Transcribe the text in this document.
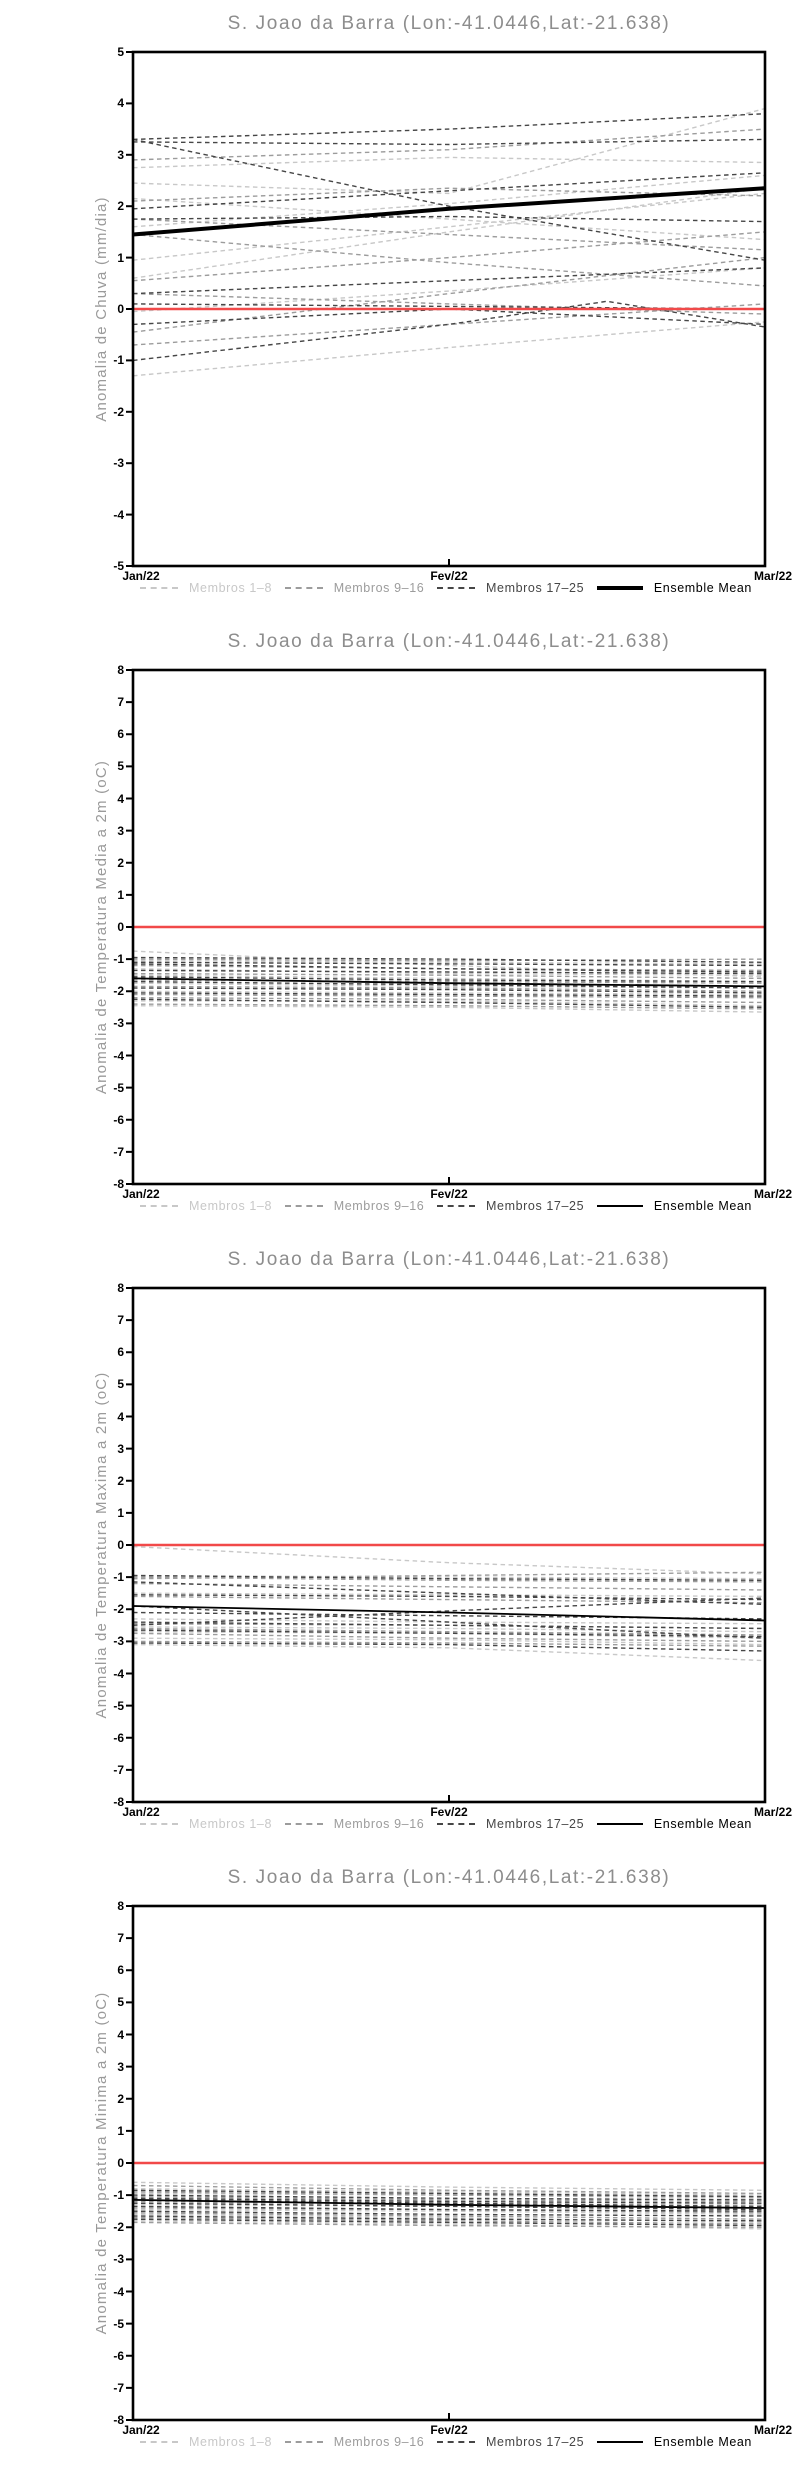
S. Joao da Barra (Lon:-41.0446,Lat:-21.638)
Anomalia de Chuva (mm/dia)
-5
-4
-3
-2
-1
0
1
2
3
4
5
Jan/22	Fev/22	Mar/22
Membros 1–8	Membros 9–16	Membros 17–25	Ensemble Mean
S. Joao da Barra (Lon:-41.0446,Lat:-21.638)
Anomalia de Temperatura Media a 2m (oC)
-8
-7
-6
-5
-4
-3
-2
-1
0
1
2
3
4
5
6
7
8
Jan/22	Fev/22	Mar/22
Membros 1–8	Membros 9–16	Membros 17–25	Ensemble Mean
S. Joao da Barra (Lon:-41.0446,Lat:-21.638)
Anomalia de Temperatura Maxima a 2m (oC)
-8
-7
-6
-5
-4
-3
-2
-1
0
1
2
3
4
5
6
7
8
Jan/22	Fev/22	Mar/22
Membros 1–8	Membros 9–16	Membros 17–25	Ensemble Mean
S. Joao da Barra (Lon:-41.0446,Lat:-21.638)
Anomalia de Temperatura Minima a 2m (oC)
-8
-7
-6
-5
-4
-3
-2
-1
0
1
2
3
4
5
6
7
8
Jan/22	Fev/22	Mar/22
Membros 1–8	Membros 9–16	Membros 17–25	Ensemble Mean
